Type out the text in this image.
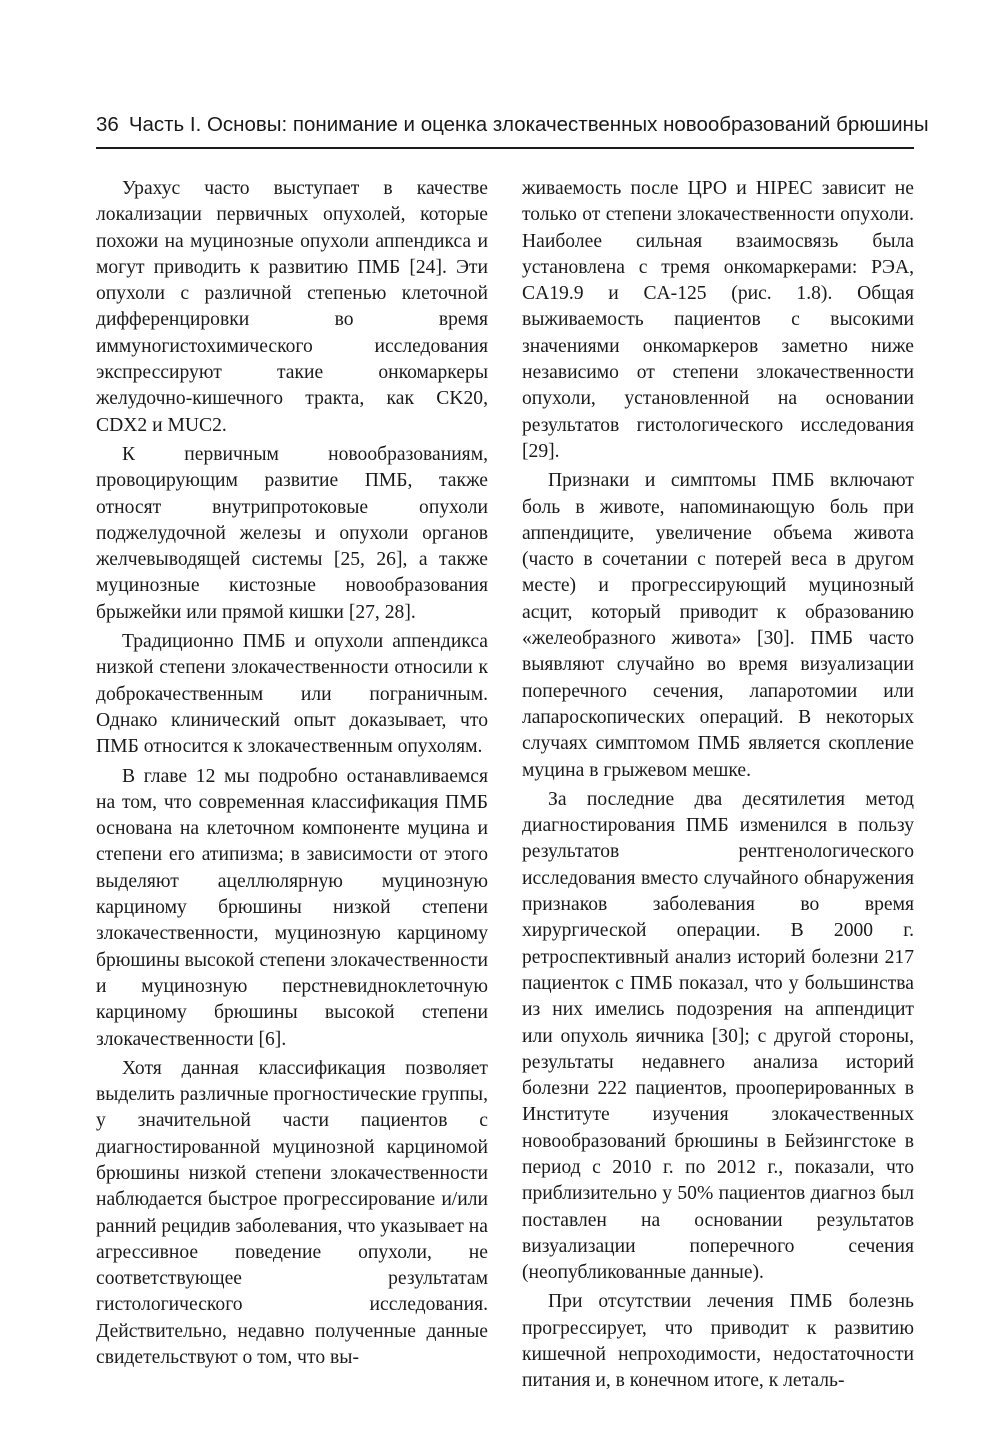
36 Часть I. Основы: понимание и оценка злокачественных новообразований брюшины

Урахус часто выступает в качестве локализации первичных опухолей, которые похожи на муцинозные опухоли аппендикса и могут приводить к развитию ПМБ [24]. Эти опухоли с различной степенью клеточной дифференцировки во время иммуногистохимического исследования экспрессируют такие онкомаркеры желудочно-кишечного тракта, как CK20, CDX2 и MUC2.

К первичным новообразованиям, провоцирующим развитие ПМБ, также относят внутрипротоковые опухоли поджелудочной железы и опухоли органов желчевыводящей системы [25, 26], а также муцинозные кистозные новообразования брыжейки или прямой кишки [27, 28].

Традиционно ПМБ и опухоли аппендикса низкой степени злокачественности относили к доброкачественным или пограничным. Однако клинический опыт доказывает, что ПМБ относится к злокачественным опухолям.

В главе 12 мы подробно останавливаемся на том, что современная классификация ПМБ основана на клеточном компоненте муцина и степени его атипизма; в зависимости от этого выделяют ацеллюлярную муцинозную карциному брюшины низкой степени злокачественности, муцинозную карциному брюшины высокой степени злокачественности и муцинозную перстневидноклеточную карциному брюшины высокой степени злокачественности [6].

Хотя данная классификация позволяет выделить различные прогностические группы, у значительной части пациентов с диагностированной муцинозной карциномой брюшины низкой степени злокачественности наблюдается быстрое прогрессирование и/или ранний рецидив заболевания, что указывает на агрессивное поведение опухоли, не соответствующее результатам гистологического исследования. Действительно, недавно полученные данные свидетельствуют о том, что вы-

живаемость после ЦРО и HIPEC зависит не только от степени злокачественности опухоли. Наиболее сильная взаимосвязь была установлена с тремя онкомаркерами: РЭА, CA19.9 и CA-125 (рис. 1.8). Общая выживаемость пациентов с высокими значениями онкомаркеров заметно ниже независимо от степени злокачественности опухоли, установленной на основании результатов гистологического исследования [29].

Признаки и симптомы ПМБ включают боль в животе, напоминающую боль при аппендиците, увеличение объема живота (часто в сочетании с потерей веса в другом месте) и прогрессирующий муцинозный асцит, который приводит к образованию «желеобразного живота» [30]. ПМБ часто выявляют случайно во время визуализации поперечного сечения, лапаротомии или лапароскопических операций. В некоторых случаях симптомом ПМБ является скопление муцина в грыжевом мешке.

За последние два десятилетия метод диагностирования ПМБ изменился в пользу результатов рентгенологического исследования вместо случайного обнаружения признаков заболевания во время хирургической операции. В 2000 г. ретроспективный анализ историй болезни 217 пациенток с ПМБ показал, что у большинства из них имелись подозрения на аппендицит или опухоль яичника [30]; с другой стороны, результаты недавнего анализа историй болезни 222 пациентов, прооперированных в Институте изучения злокачественных новообразований брюшины в Бейзингстоке в период с 2010 г. по 2012 г., показали, что приблизительно у 50% пациентов диагноз был поставлен на основании результатов визуализации поперечного сечения (неопубликованные данные).

При отсутствии лечения ПМБ болезнь прогрессирует, что приводит к развитию кишечной непроходимости, недостаточности питания и, в конечном итоге, к леталь-
